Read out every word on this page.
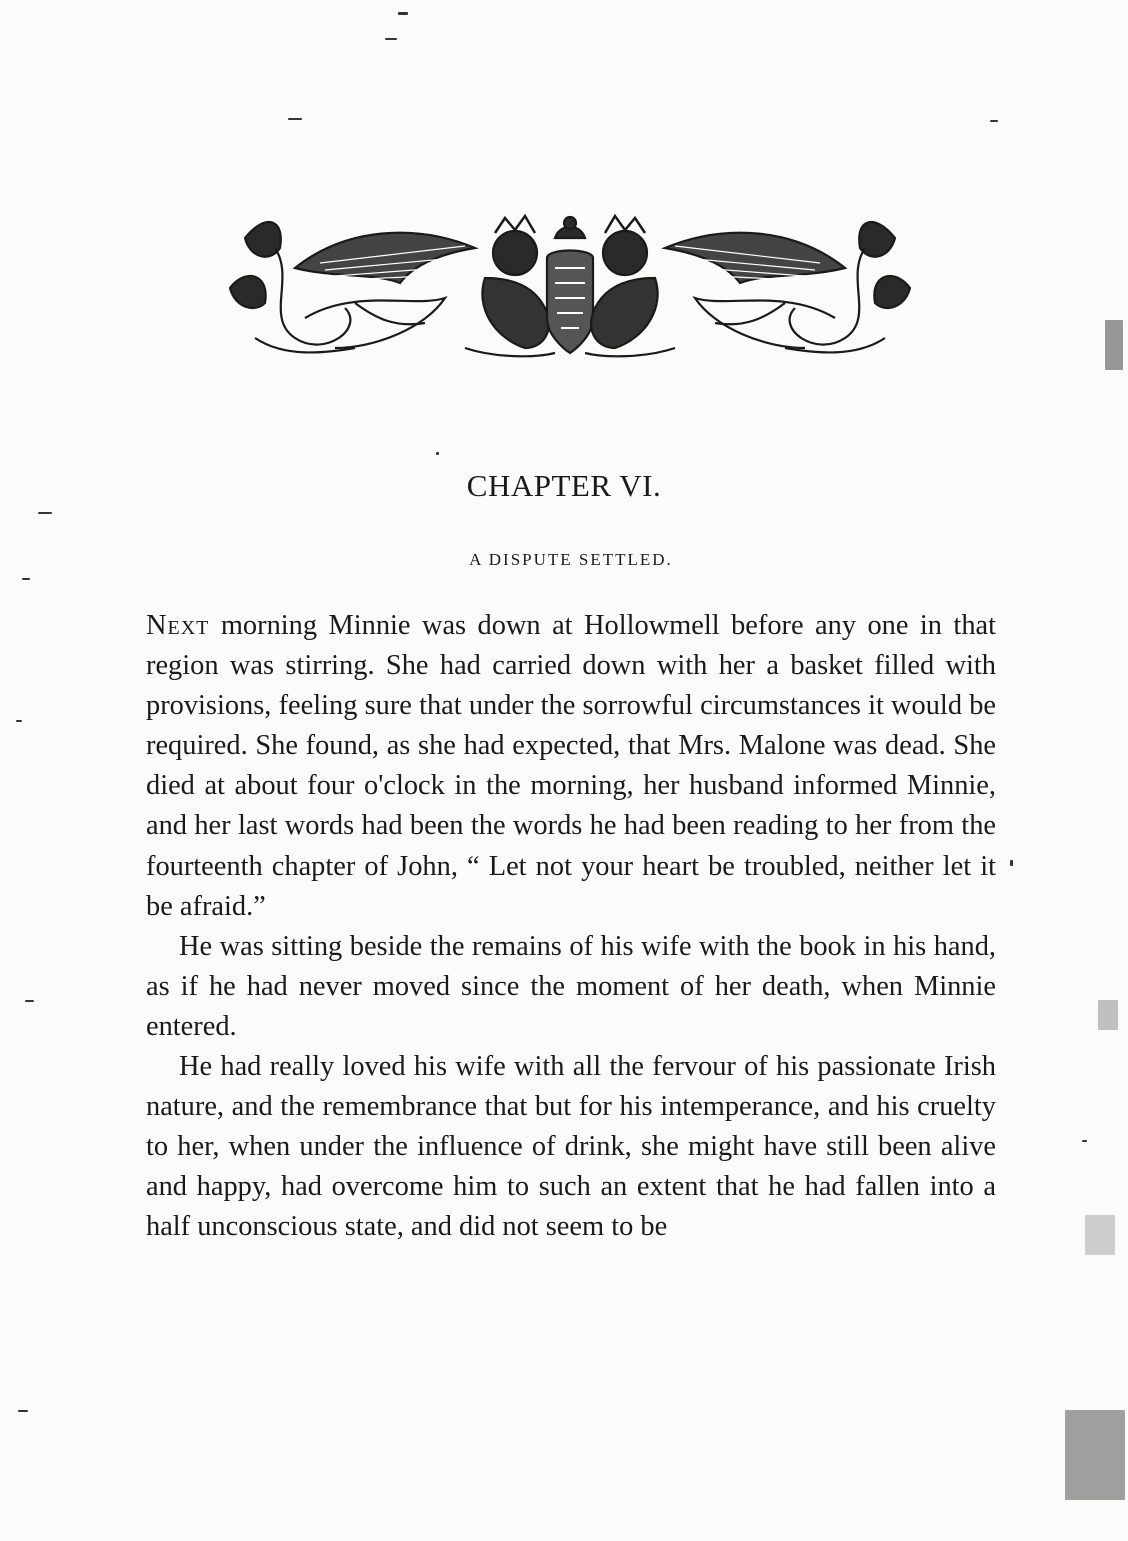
CHAPTER VI.
A DISPUTE SETTLED.

Next morning Minnie was down at Hollowmell before any one in that region was stirring. She had carried down with her a basket filled with provisions, feeling sure that under the sorrowful circumstances it would be required. She found, as she had expected, that Mrs. Malone was dead. She died at about four o'clock in the morning, her husband informed Minnie, and her last words had been the words he had been reading to her from the fourteenth chapter of John, “ Let not your heart be troubled, neither let it be afraid.”

He was sitting beside the remains of his wife with the book in his hand, as if he had never moved since the moment of her death, when Minnie entered.

He had really loved his wife with all the fervour of his passionate Irish nature, and the remembrance that but for his intemperance, and his cruelty to her, when under the influence of drink, she might have still been alive and happy, had overcome him to such an extent that he had fallen into a half unconscious state, and did not seem to be
